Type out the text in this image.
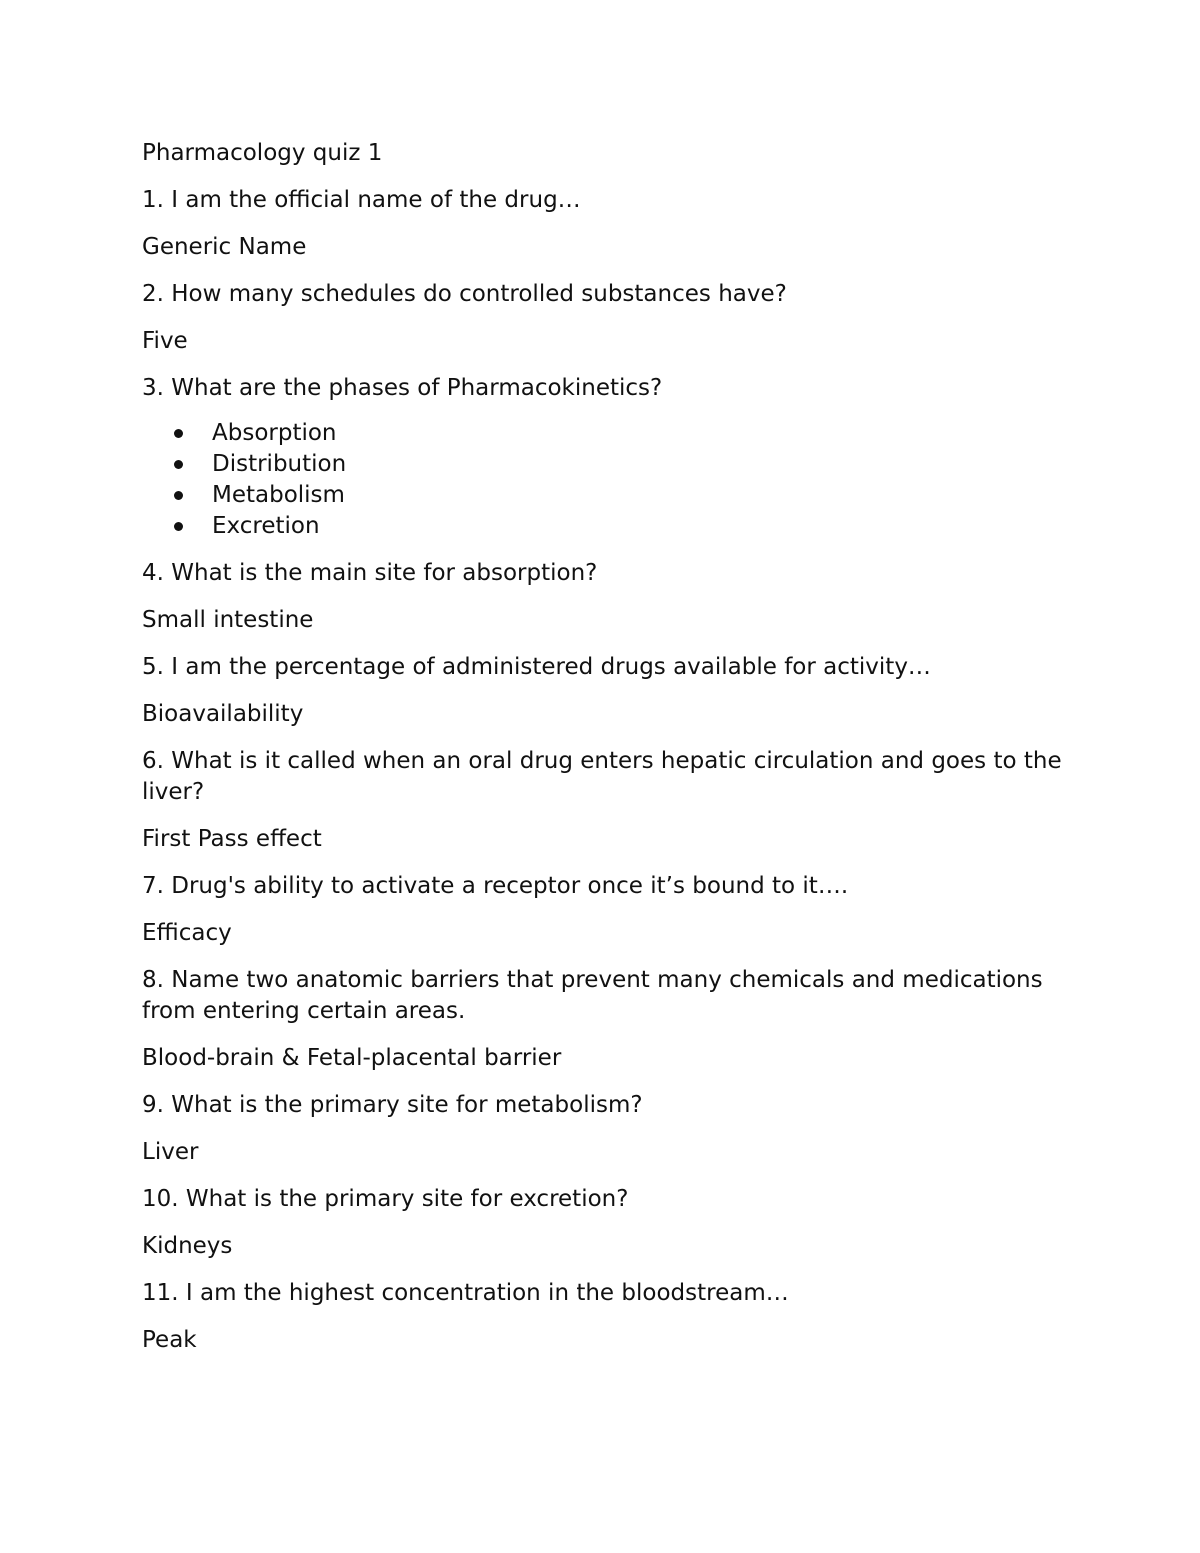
Pharmacology quiz 1
1. I am the official name of the drug…
Generic Name
2. How many schedules do controlled substances have?
Five
3. What are the phases of Pharmacokinetics?
Absorption
Distribution
Metabolism
Excretion
4. What is the main site for absorption?
Small intestine
5. I am the percentage of administered drugs available for activity…
Bioavailability
6. What is it called when an oral drug enters hepatic circulation and goes to the liver?
First Pass effect
7. Drug's ability to activate a receptor once it’s bound to it….
Efficacy
8. Name two anatomic barriers that prevent many chemicals and medications from entering certain areas.
Blood-brain & Fetal-placental barrier
9. What is the primary site for metabolism?
Liver
10. What is the primary site for excretion?
Kidneys
11. I am the highest concentration in the bloodstream…
Peak
